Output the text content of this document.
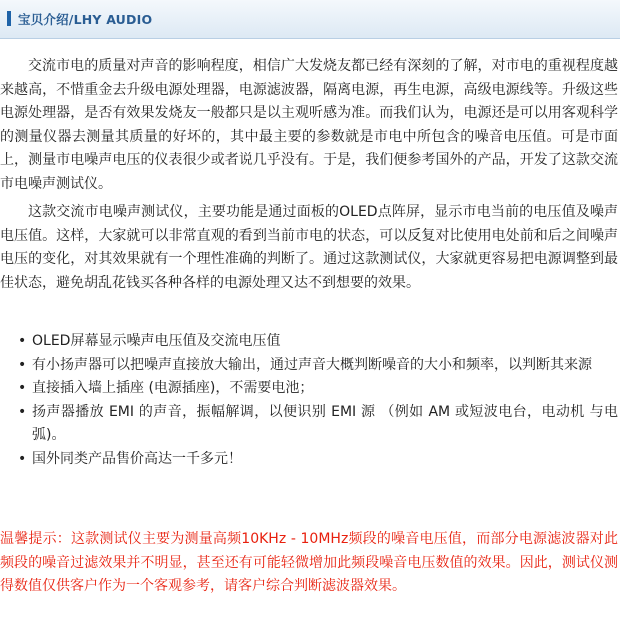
宝贝介绍/LHY AUDIO

交流市电的质量对声音的影响程度，相信广大发烧友都已经有深刻的了解，对市电的重视程度越来越高，不惜重金去升级电源处理器，电源滤波器，隔离电源，再生电源，高级电源线等。升级这些电源处理器，是否有效果发烧友一般都只是以主观听感为准。而我们认为，电源还是可以用客观科学的测量仪器去测量其质量的好坏的，其中最主要的参数就是市电中所包含的噪音电压值。可是市面上，测量市电噪声电压的仪表很少或者说几乎没有。于是，我们便参考国外的产品，开发了这款交流市电噪声测试仪。

这款交流市电噪声测试仪，主要功能是通过面板的OLED点阵屏，显示市电当前的电压值及噪声电压值。这样，大家就可以非常直观的看到当前市电的状态，可以反复对比使用电处前和后之间噪声电压的变化，对其效果就有一个理性准确的判断了。通过这款测试仪，大家就更容易把电源调整到最佳状态，避免胡乱花钱买各种各样的电源处理又达不到想要的效果。

• OLED屏幕显示噪声电压值及交流电压值
• 有小扬声器可以把噪声直接放大输出，通过声音大概判断噪音的大小和频率，以判断其来源
• 直接插入墙上插座 (电源插座)，不需要电池；
• 扬声器播放 EMI 的声音，振幅解调，以便识别 EMI 源 （例如 AM 或短波电台，电动机 与电弧)。
• 国外同类产品售价高达一千多元！

温馨提示：这款测试仪主要为测量高频10KHz - 10MHz频段的噪音电压值，而部分电源滤波器对此频段的噪音过滤效果并不明显，甚至还有可能轻微增加此频段噪音电压数值的效果。因此，测试仪测得数值仅供客户作为一个客观参考，请客户综合判断滤波器效果。
